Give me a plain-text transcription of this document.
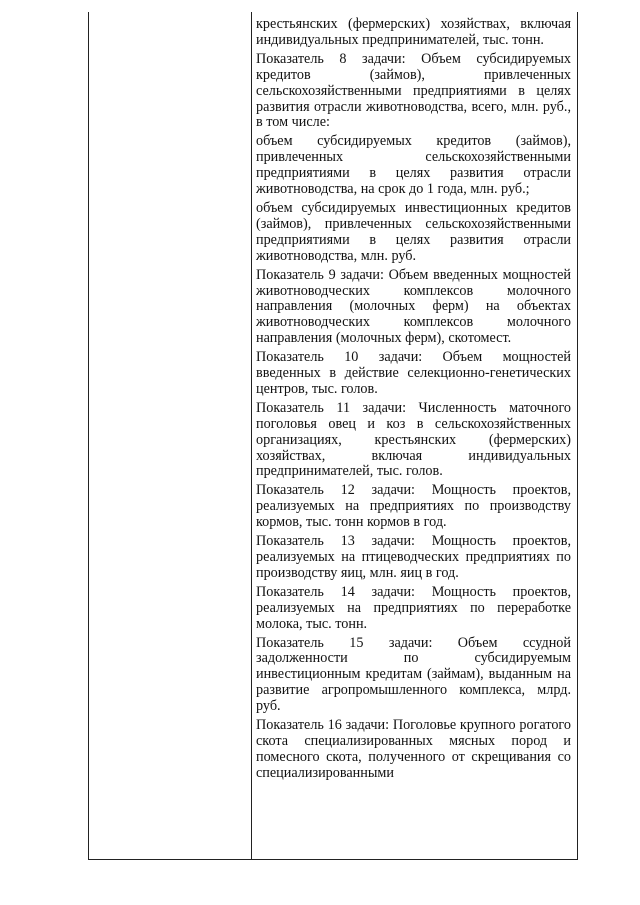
крестьянских (фермерских) хозяйствах, включая индивидуальных предпринимателей, тыс. тонн.

Показатель 8 задачи: Объем субсидируемых кредитов (займов), привлеченных сельскохозяйственными предприятиями в целях развития отрасли животноводства, всего, млн. руб., в том числе:

объем субсидируемых кредитов (займов), привлеченных сельскохозяйственными предприятиями в целях развития отрасли животноводства, на срок до 1 года, млн. руб.;

объем субсидируемых инвестиционных кредитов (займов), привлеченных сельскохозяйственными предприятиями в целях развития отрасли животноводства, млн. руб.

Показатель 9 задачи: Объем введенных мощностей животноводческих комплексов молочного направления (молочных ферм) на объектах животноводческих комплексов молочного направления (молочных ферм), скотомест.

Показатель 10 задачи: Объем мощностей введенных в действие селекционно-генетических центров, тыс. голов.

Показатель 11 задачи: Численность маточного поголовья овец и коз в сельскохозяйственных организациях, крестьянских (фермерских) хозяйствах, включая индивидуальных предпринимателей, тыс. голов.

Показатель 12 задачи: Мощность проектов, реализуемых на предприятиях по производству кормов, тыс. тонн кормов в год.

Показатель 13 задачи: Мощность проектов, реализуемых на птицеводческих предприятиях по производству яиц, млн. яиц в год.

Показатель 14 задачи: Мощность проектов, реализуемых на предприятиях по переработке молока, тыс. тонн.

Показатель 15 задачи: Объем ссудной задолженности по субсидируемым инвестиционным кредитам (займам), выданным на развитие агропромышленного комплекса, млрд. руб.

Показатель 16 задачи: Поголовье крупного рогатого скота специализированных мясных пород и помесного скота, полученного от скрещивания со специализированными
